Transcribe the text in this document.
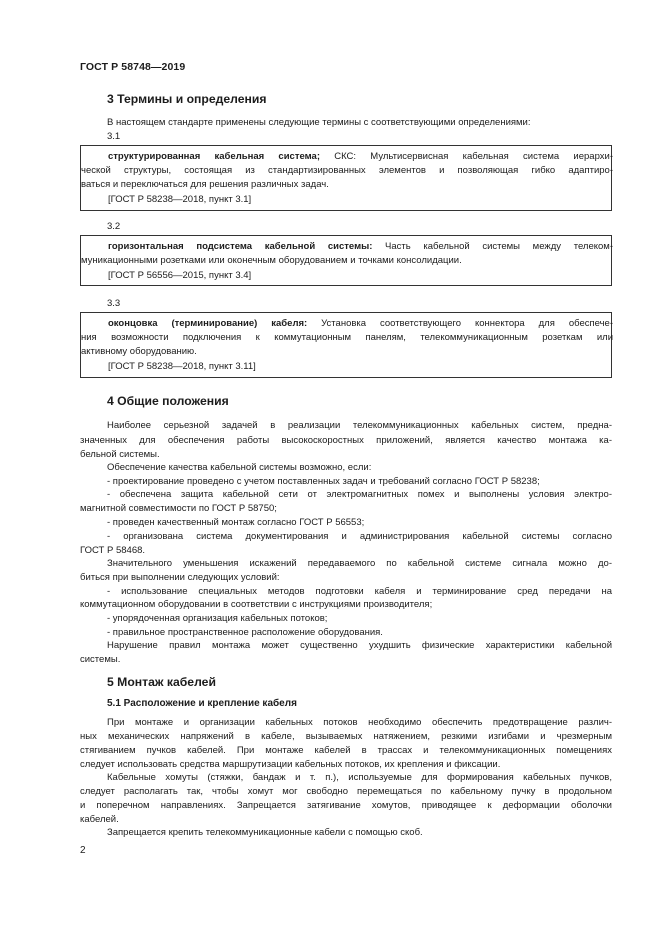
ГОСТ Р 58748—2019
3 Термины и определения
В настоящем стандарте применены следующие термины с соответствующими определениями:
3.1
структурированная кабельная система; СКС: Мультисервисная кабельная система иерархи-
ческой структуры, состоящая из стандартизированных элементов и позволяющая гибко адаптиро-
ваться и переключаться для решения различных задач.
[ГОСТ Р 58238—2018, пункт 3.1]
3.2
горизонтальная подсистема кабельной системы: Часть кабельной системы между телеком-
муникационными розетками или оконечным оборудованием и точками консолидации.
[ГОСТ Р 56556—2015, пункт 3.4]
3.3
оконцовка (терминирование) кабеля: Установка соответствующего коннектора для обеспече-
ния возможности подключения к коммутационным панелям, телекоммуникационным розеткам или
активному оборудованию.
[ГОСТ Р 58238—2018, пункт 3.11]
4 Общие положения
Наиболее серьезной задачей в реализации телекоммуникационных кабельных систем, предна-
значенных для обеспечения работы высокоскоростных приложений, является качество монтажа ка-
бельной системы.
Обеспечение качества кабельной системы возможно, если:
- проектирование проведено с учетом поставленных задач и требований согласно ГОСТ Р 58238;
- обеспечена защита кабельной сети от электромагнитных помех и выполнены условия электро-
магнитной совместимости по ГОСТ Р 58750;
- проведен качественный монтаж согласно ГОСТ Р 56553;
- организована система документирования и администрирования кабельной системы согласно
ГОСТ Р 58468.
Значительного уменьшения искажений передаваемого по кабельной системе сигнала можно до-
биться при выполнении следующих условий:
- использование специальных методов подготовки кабеля и терминирование сред передачи на
коммутационном оборудовании в соответствии с инструкциями производителя;
- упорядоченная организация кабельных потоков;
- правильное пространственное расположение оборудования.
Нарушение правил монтажа может существенно ухудшить физические характеристики кабельной
системы.
5 Монтаж кабелей
5.1 Расположение и крепление кабеля
При монтаже и организации кабельных потоков необходимо обеспечить предотвращение различ-
ных механических напряжений в кабеле, вызываемых натяжением, резкими изгибами и чрезмерным
стягиванием пучков кабелей. При монтаже кабелей в трассах и телекоммуникационных помещениях
следует использовать средства маршрутизации кабельных потоков, их крепления и фиксации.
Кабельные хомуты (стяжки, бандаж и т. п.), используемые для формирования кабельных пучков,
следует располагать так, чтобы хомут мог свободно перемещаться по кабельному пучку в продольном
и поперечном направлениях. Запрещается затягивание хомутов, приводящее к деформации оболочки
кабелей.
Запрещается крепить телекоммуникационные кабели с помощью скоб.
2
